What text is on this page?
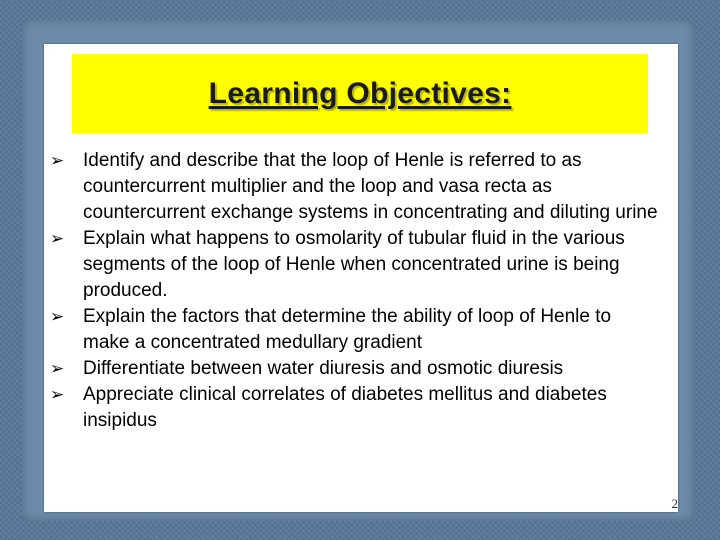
Learning Objectives:
➢ Identify and describe that the loop of Henle is referred to as countercurrent multiplier and the loop and vasa recta as countercurrent exchange systems in concentrating and diluting urine
➢ Explain what happens to osmolarity of tubular fluid in the various segments of the loop of Henle when concentrated urine is being produced.
➢ Explain the factors that determine the ability of loop of Henle to make a concentrated medullary gradient
➢ Differentiate between water diuresis and osmotic diuresis
➢ Appreciate clinical correlates of diabetes mellitus and diabetes insipidus
2
